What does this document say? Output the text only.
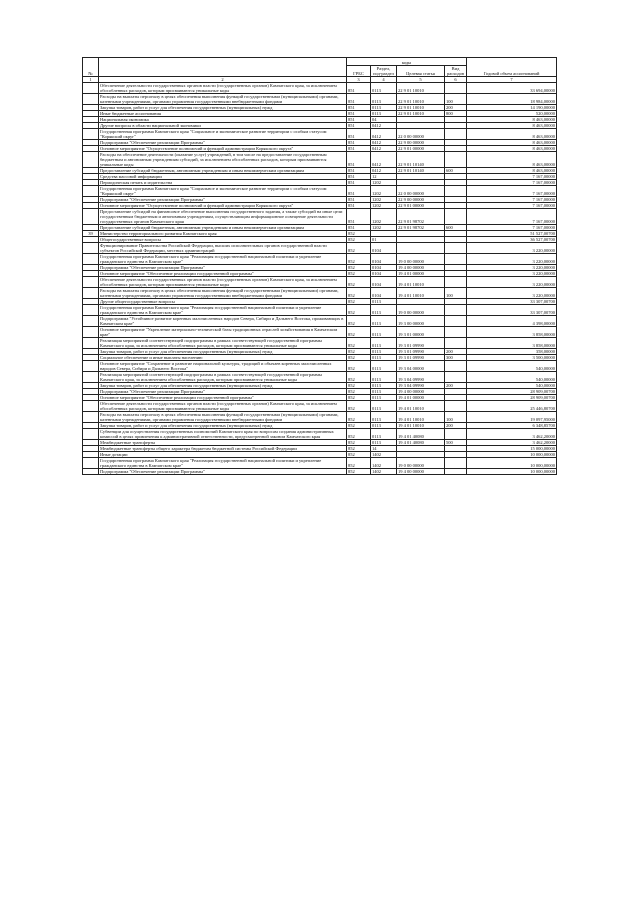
№		коды				Годовой объем ассигнований
		ГРБС	Раздел, под-раздел	Целевая статья	Вид расходов	
1	2	3	4	5	6	7
	Обеспечение деятельности государственных органов власти (государственных органов) Камчатского края, за исключением обособленных расходов, которым присваиваются уникальные коды	851	0113	22 9 01 10010		33 694,00000
	Расходы на выплаты персоналу в целях обеспечения выполнения функций государственными (муниципальными) органами, казенными учреждениями, органами управления государственными внебюджетными фондами	851	0113	22 9 01 10010	100	18 984,00000
	Закупка товаров, работ и услуг для обеспечения государственных (муниципальных) нужд	851	0113	22 9 01 10010	200	14 190,00000
	Иные бюджетные ассигнования	851	0113	22 9 01 10010	800	520,00000
	Национальная экономика	851	04			8 463,00000
	Другие вопросы в области национальной экономики	851	0412			8 463,00000
	Государственная программа Камчатского края "Социальное и экономическое развитие территории с особым статусом "Корякский округ"	851	0412	22 0 00 00000		8 463,00000
	Подпрограмма "Обеспечение реализации Программы"	851	0412	22 9 00 00000		8 463,00000
	Основное мероприятие "Осуществление полномочий и функций администрации Корякского округа"	851	0412	22 9 01 00000		8 463,00000
	Расходы на обеспечение деятельности (оказание услуг) учреждений, в том числе на предоставление государственным бюджетным и автономным учреждениям субсидий, за исключением обособленных расходов, которым присваиваются уникальные коды	851	0412	22 9 01 10140		8 463,00000
	Предоставление субсидий бюджетным, автономным учреждениям и иным некоммерческим организациям	851	0412	22 9 01 10140	600	8 463,00000
	Средства массовой информации	851	12			7 167,00000
	Периодическая печать и издательства	851	1202			7 167,00000
	Государственная программа Камчатского края "Социальное и экономическое развитие территории с особым статусом "Корякский округ"	851	1202	22 0 00 00000		7 167,00000
	Подпрограмма "Обеспечение реализации Программы"	851	1202	22 9 00 00000		7 167,00000
	Основное мероприятие "Осуществление полномочий и функций администрации Корякского округа"	851	1202	22 9 01 00000		7 167,00000
	Предоставление субсидий на финансовое обеспечение выполнения государственного задания, а также субсидий на иные цели государственным бюджетным и автономным учреждениям, осуществляющим информационное освещение деятельности государственных органов Камчатского края	851	1202	22 9 01 98702		7 167,00000
	Предоставление субсидий бюджетным, автономным учреждениям и иным некоммерческим организациям	851	1202	22 9 01 98702	600	7 167,00000
39	Министерство территориального развития Камчатского края	852				51 527,00700
	Общегосударственные вопросы	852	01			36 527,00700
	Функционирование Правительства Российской Федерации, высших исполнительных органов государственной власти субъектов Российской Федерации, местных администраций	852	0104			3 220,00000
	Государственная программа Камчатского края "Реализация государственной национальной политики и укрепление гражданского единства в Камчатском крае"	852	0104	19 0 00 00000		3 220,00000
	Подпрограмма "Обеспечение реализации Программы"	852	0104	19 4 00 00000		3 220,00000
	Основное мероприятие "Обеспечение реализации государственной программы"	852	0104	19 4 01 00000		3 220,00000
	Обеспечение деятельности государственных органов власти (государственных органов) Камчатского края, за исключением обособленных расходов, которым присваиваются уникальные коды	852	0104	19 4 01 10010		3 220,00000
	Расходы на выплаты персоналу в целях обеспечения выполнения функций государственными (муниципальными) органами, казенными учреждениями, органами управления государственными внебюджетными фондами	852	0104	19 4 01 10010	100	3 220,00000
	Другие общегосударственные вопросы	852	0113			33 307,00700
	Государственная программа Камчатского края "Реализация государственной национальной политики и укрепление гражданского единства в Камчатском крае"	852	0113	19 0 00 00000		33 307,00700
	Подпрограмма "Устойчивое развитие коренных малочисленных народов Севера, Сибири и Дальнего Востока, проживающих в Камчатском крае"	852	0113	19 3 00 00000		4 398,00000
	Основное мероприятие "Укрепление материально-технической базы традиционных отраслей хозяйствования в Камчатском крае"	852	0113	19 3 01 00000		3 858,00000
	Реализация мероприятий соответствующей подпрограммы в рамках соответствующей государственной программы Камчатского края, за исключением обособленных расходов, которым присваиваются уникальные коды	852	0113	19 3 01 09990		3 858,00000
	Закупка товаров, работ и услуг для обеспечения государственных (муниципальных) нужд	852	0113	19 3 01 09990	200	358,00000
	Социальное обеспечение и иные выплаты населению	852	0113	19 3 01 09990	300	3 500,00000
	Основное мероприятие "Сохранение и развитие национальной культуры, традиций и обычаев коренных малочисленных народов Севера, Сибири и Дальнего Востока"	852	0113	19 3 04 00000		540,00000
	Реализация мероприятий соответствующей подпрограммы в рамках соответствующей государственной программы Камчатского края, за исключением обособленных расходов, которым присваиваются уникальные коды	852	0113	19 3 04 09990		540,00000
	Закупка товаров, работ и услуг для обеспечения государственных (муниципальных) нужд	852	0113	19 3 04 09990	200	540,00000
	Подпрограмма "Обеспечение реализации Программы"	852	0113	19 4 00 00000		28 909,00700
	Основное мероприятие "Обеспечение реализации государственной программы"	852	0113	19 4 01 00000		28 909,00700
	Обеспечение деятельности государственных органов власти (государственных органов) Камчатского края, за исключением обособленных расходов, которым присваиваются уникальные коды	852	0113	19 4 01 10010		25 446,80700
	Расходы на выплаты персоналу в целях обеспечения выполнения функций государственными (муниципальными) органами, казенными учреждениями, органами управления государственными внебюджетными фондами	852	0113	19 4 01 10010	100	19 097,95000
	Закупка товаров, работ и услуг для обеспечения государственных (муниципальных) нужд	852	0113	19 4 01 10010	200	6 348,85700
	Субвенции для осуществления государственных полномочий Камчатского края по вопросам создания административных комиссий в целях привлечения к административной ответственности, предусмотренной законом Камчатского края	852	0113	19 4 01 40080		3 462,20000
	Межбюджетные трансферты	852	0113	19 4 01 40080	500	3 462,20000
	Межбюджетные трансферты общего характера бюджетам бюджетной системы Российской Федерации	852	14			15 000,00000
	Иные дотации	852	1402			10 000,00000
	Государственная программа Камчатского края "Реализация государственной национальной политики и укрепление гражданского единства в Камчатском крае"	852	1402	19 0 00 00000		10 000,00000
	Подпрограмма "Обеспечение реализации Программы"	852	1402	19 4 00 00000		10 000,00000
